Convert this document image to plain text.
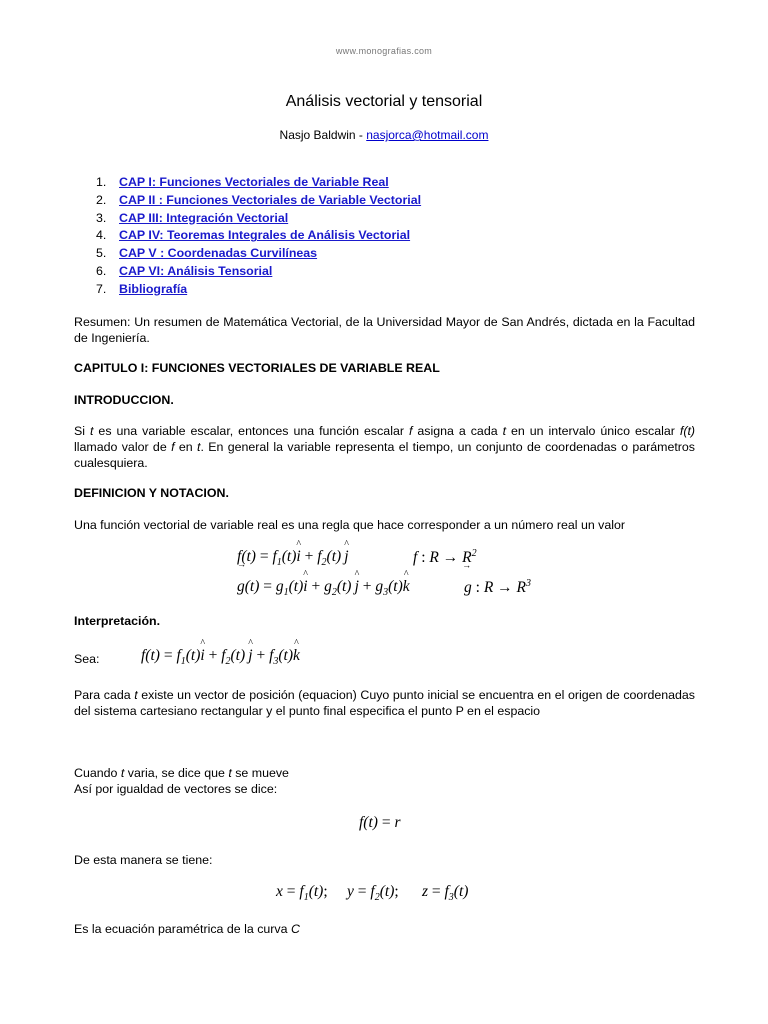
www.monografias.com
Análisis vectorial y tensorial
Nasjo Baldwin - nasjorca@hotmail.com
1. CAP I: Funciones Vectoriales de Variable Real
2. CAP II : Funciones Vectoriales de Variable Vectorial
3. CAP III: Integración Vectorial
4. CAP IV: Teoremas Integrales de Análisis Vectorial
5. CAP V : Coordenadas Curvilíneas
6. CAP VI: Análisis Tensorial
7. Bibliografía
Resumen: Un resumen de Matemática Vectorial, de la Universidad Mayor de San Andrés, dictada en la Facultad de Ingeniería.
CAPITULO I: FUNCIONES VECTORIALES DE VARIABLE REAL
INTRODUCCION.
Si t es una variable escalar, entonces una función escalar f asigna a cada t en un intervalo único escalar f(t) llamado valor de f en t. En general la variable representa el tiempo, un conjunto de coordenadas o parámetros cualesquiera.
DEFINICION Y NOTACION.
Una función vectorial de variable real es una regla que hace corresponder a un número real un valor
$f \to(t) = f_1(t)i$ ^ + $f_2(t)$ j ^	f : R → R →$^2$
$g(t) = g_1(t)i$ ^ + $g_2(t)$ j ^ + $g_3(t)k$ ^	g : $R \to R^3$
Interpretación.
Sea:	$f(t) = f_1(t)i$ ^ + $f_2(t)$ j ^ + $f_3(t)k$ ^
Para cada t existe un vector de posición (equacion) Cuyo punto inicial se encuentra en el origen de coordenadas del sistema cartesiano rectangular y el punto final especifica el punto P en el espacio
Cuando t varia, se dice que t se mueve
Así por igualdad de vectores se dice:
f(t) = r
De esta manera se tiene:
$x = f_1(t)$;     $y = f_2(t)$;      $z = f_3(t)$
Es la ecuación paramétrica de la curva C
